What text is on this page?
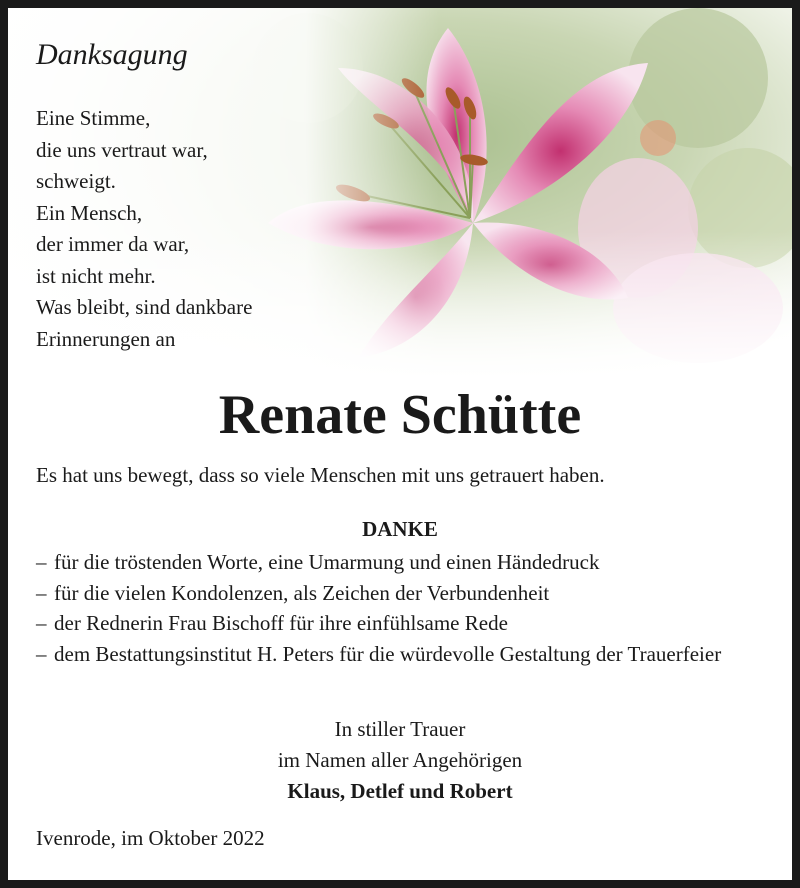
Danksagung
Eine Stimme,
die uns vertraut war,
schweigt.
Ein Mensch,
der immer da war,
ist nicht mehr.
Was bleibt, sind dankbare
Erinnerungen an
Renate Schütte
Es hat uns bewegt, dass so viele Menschen mit uns getrauert haben.
DANKE
– für die tröstenden Worte, eine Umarmung und einen Händedruck
– für die vielen Kondolenzen, als Zeichen der Verbundenheit
– der Rednerin Frau Bischoff für ihre einfühlsame Rede
– dem Bestattungsinstitut H. Peters für die würdevolle Gestaltung der Trauerfeier
In stiller Trauer
im Namen aller Angehörigen
Klaus, Detlef und Robert
Ivenrode, im Oktober 2022
